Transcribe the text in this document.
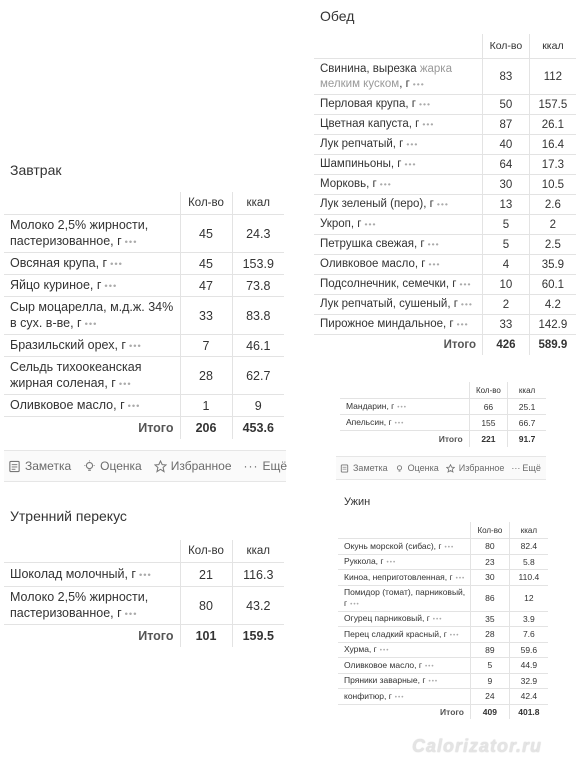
Завтрак
	Кол-во	ккал
Молоко 2,5% жирности, пастеризованное, г •••	45	24.3
Овсяная крупа, г •••	45	153.9
Яйцо куриное, г •••	47	73.8
Сыр моцарелла, м.д.ж. 34% в сух. в-ве, г •••	33	83.8
Бразильский орех, г •••	7	46.1
Сельдь тихоокеанская жирная соленая, г •••	28	62.7
Оливковое масло, г •••	1	9
Итого	206	453.6
Заметка Оценка Избранное ··· Ещё
Утренний перекус
	Кол-во	ккал
Шоколад молочный, г •••	21	116.3
Молоко 2,5% жирности, пастеризованное, г •••	80	43.2
Итого	101	159.5
Обед
	Кол-во	ккал
Свинина, вырезка жарка мелким куском, г •••	83	112
Перловая крупа, г •••	50	157.5
Цветная капуста, г •••	87	26.1
Лук репчатый, г •••	40	16.4
Шампиньоны, г •••	64	17.3
Морковь, г •••	30	10.5
Лук зеленый (перо), г •••	13	2.6
Укроп, г •••	5	2
Петрушка свежая, г •••	5	2.5
Оливковое масло, г •••	4	35.9
Подсолнечник, семечки, г •••	10	60.1
Лук репчатый, сушеный, г •••	2	4.2
Пирожное миндальное, г •••	33	142.9
Итого	426	589.9
	Кол-во	ккал
Мандарин, г •••	66	25.1
Апельсин, г •••	155	66.7
Итого	221	91.7
Заметка Оценка Избранное ··· Ещё
Ужин
	Кол-во	ккал
Окунь морской (сибас), г •••	80	82.4
Руккола, г •••	23	5.8
Киноа, неприготовленная, г •••	30	110.4
Помидор (томат), парниковый, г •••	86	12
Огурец парниковый, г •••	35	3.9
Перец сладкий красный, г •••	28	7.6
Хурма, г •••	89	59.6
Оливковое масло, г •••	5	44.9
Пряники заварные, г •••	9	32.9
конфитюр, г •••	24	42.4
Итого	409	401.8
Calorizator.ru
